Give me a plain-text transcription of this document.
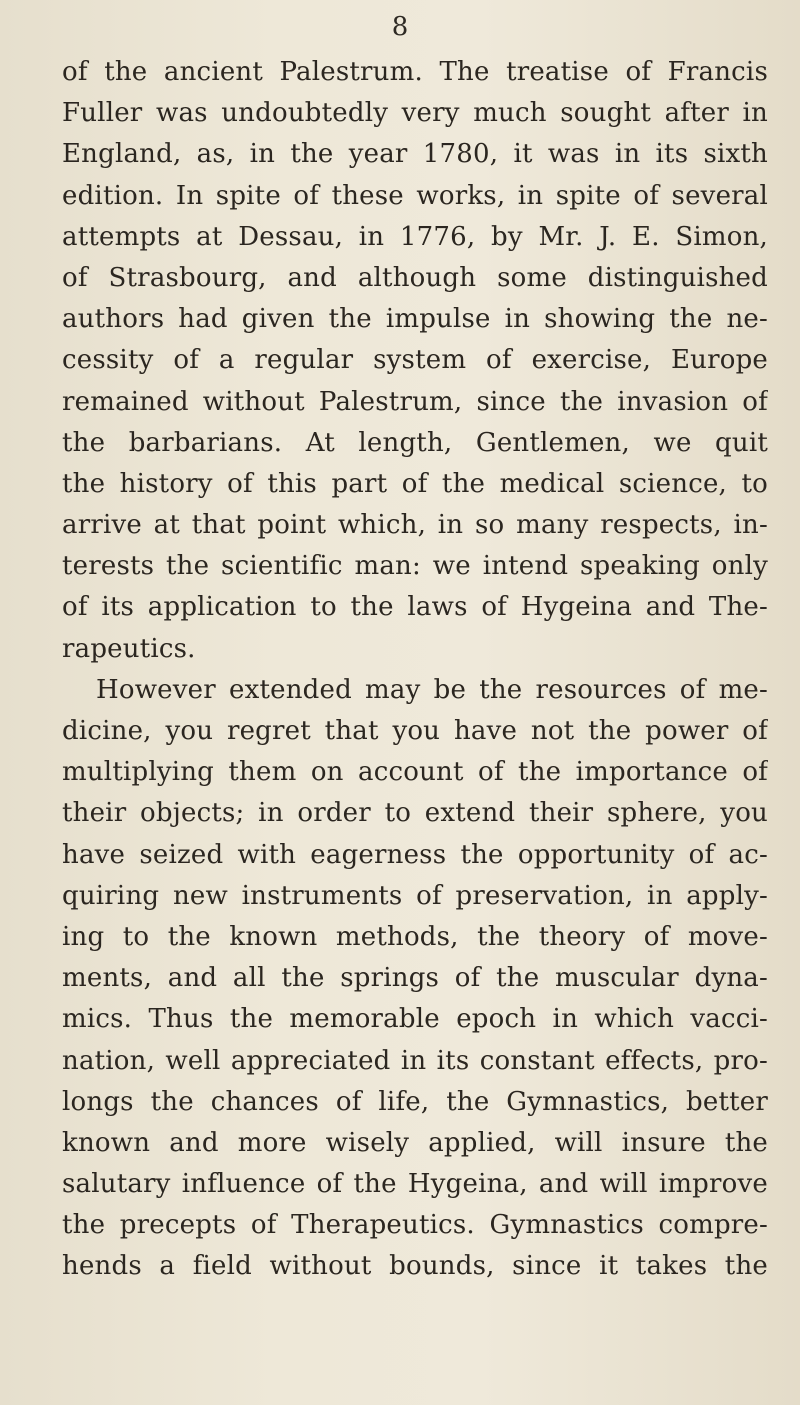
8
of the ancient Palestrum. The treatise of Francis
Fuller was undoubtedly very much sought after in
England, as, in the year 1780, it was in its sixth
edition. In spite of these works, in spite of several
attempts at Dessau, in 1776, by Mr. J. E. Simon,
of Strasbourg, and although some distinguished
authors had given the impulse in showing the ne-
cessity of a regular system of exercise, Europe
remained without Palestrum, since the invasion of
the barbarians. At length, Gentlemen, we quit
the history of this part of the medical science, to
arrive at that point which, in so many respects, in-
terests the scientific man: we intend speaking only
of its application to the laws of Hygeina and The-
rapeutics.
However extended may be the resources of me-
dicine, you regret that you have not the power of
multiplying them on account of the importance of
their objects; in order to extend their sphere, you
have seized with eagerness the opportunity of ac-
quiring new instruments of preservation, in apply-
ing to the known methods, the theory of move-
ments, and all the springs of the muscular dyna-
mics. Thus the memorable epoch in which vacci-
nation, well appreciated in its constant effects, pro-
longs the chances of life, the Gymnastics, better
known and more wisely applied, will insure the
salutary influence of the Hygeina, and will improve
the precepts of Therapeutics. Gymnastics compre-
hends a field without bounds, since it takes the
